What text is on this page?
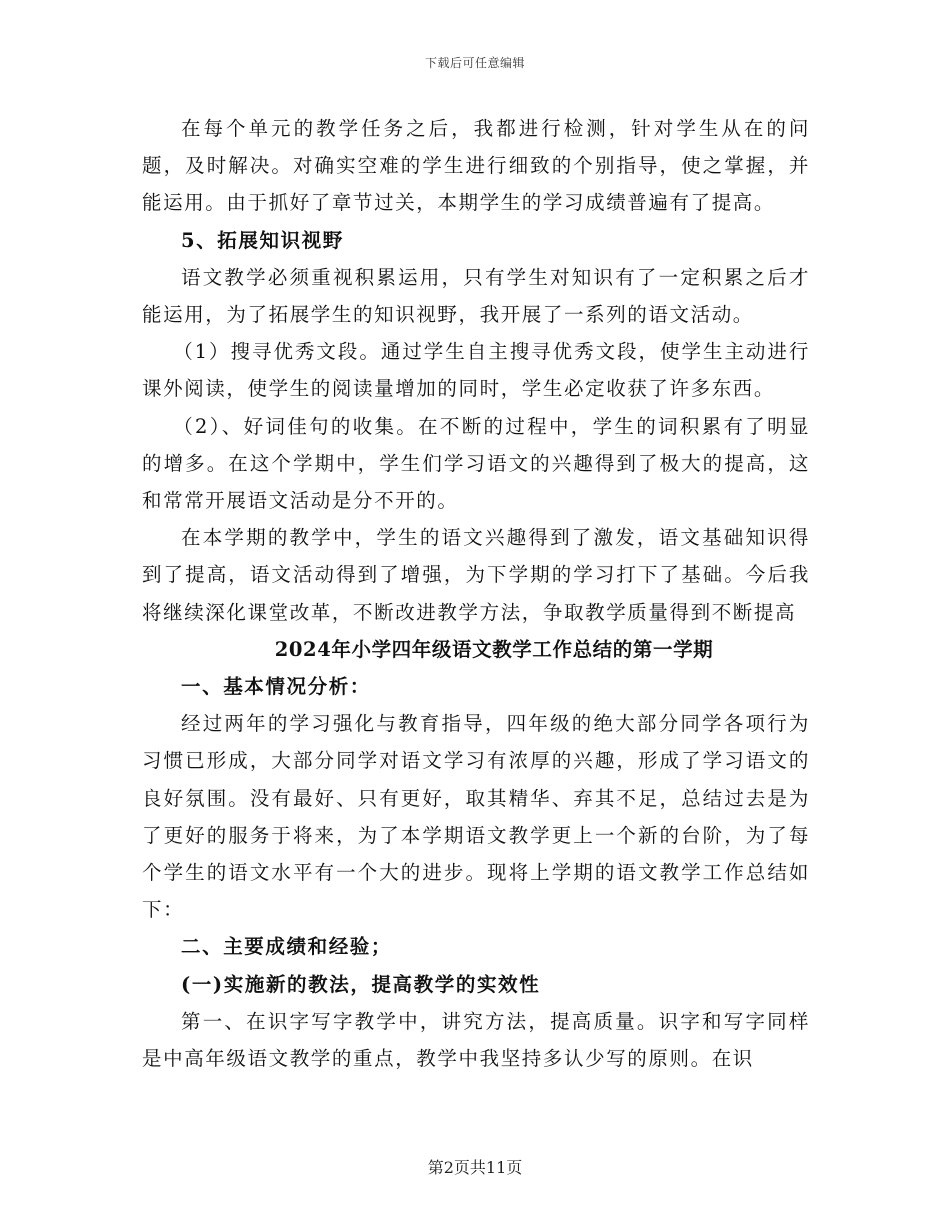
下载后可任意编辑

在每个单元的教学任务之后，我都进行检测，针对学生从在的问题，及时解决。对确实空难的学生进行细致的个别指导，使之掌握，并能运用。由于抓好了章节过关，本期学生的学习成绩普遍有了提高。

5、拓展知识视野

语文教学必须重视积累运用，只有学生对知识有了一定积累之后才能运用，为了拓展学生的知识视野，我开展了一系列的语文活动。

（1）搜寻优秀文段。通过学生自主搜寻优秀文段，使学生主动进行课外阅读，使学生的阅读量增加的同时，学生必定收获了许多东西。

（2）、好词佳句的收集。在不断的过程中，学生的词积累有了明显的增多。在这个学期中，学生们学习语文的兴趣得到了极大的提高，这和常常开展语文活动是分不开的。

在本学期的教学中，学生的语文兴趣得到了激发，语文基础知识得到了提高，语文活动得到了增强，为下学期的学习打下了基础。今后我将继续深化课堂改革，不断改进教学方法，争取教学质量得到不断提高

2024年小学四年级语文教学工作总结的第一学期

一、基本情况分析：

经过两年的学习强化与教育指导，四年级的绝大部分同学各项行为习惯已形成，大部分同学对语文学习有浓厚的兴趣，形成了学习语文的良好氛围。没有最好、只有更好，取其精华、弃其不足，总结过去是为了更好的服务于将来，为了本学期语文教学更上一个新的台阶，为了每个学生的语文水平有一个大的进步。现将上学期的语文教学工作总结如下：

二、主要成绩和经验；

(一)实施新的教法，提高教学的实效性

第一、在识字写字教学中，讲究方法，提高质量。识字和写字同样是中高年级语文教学的重点，教学中我坚持多认少写的原则。在识

第2页共11页
